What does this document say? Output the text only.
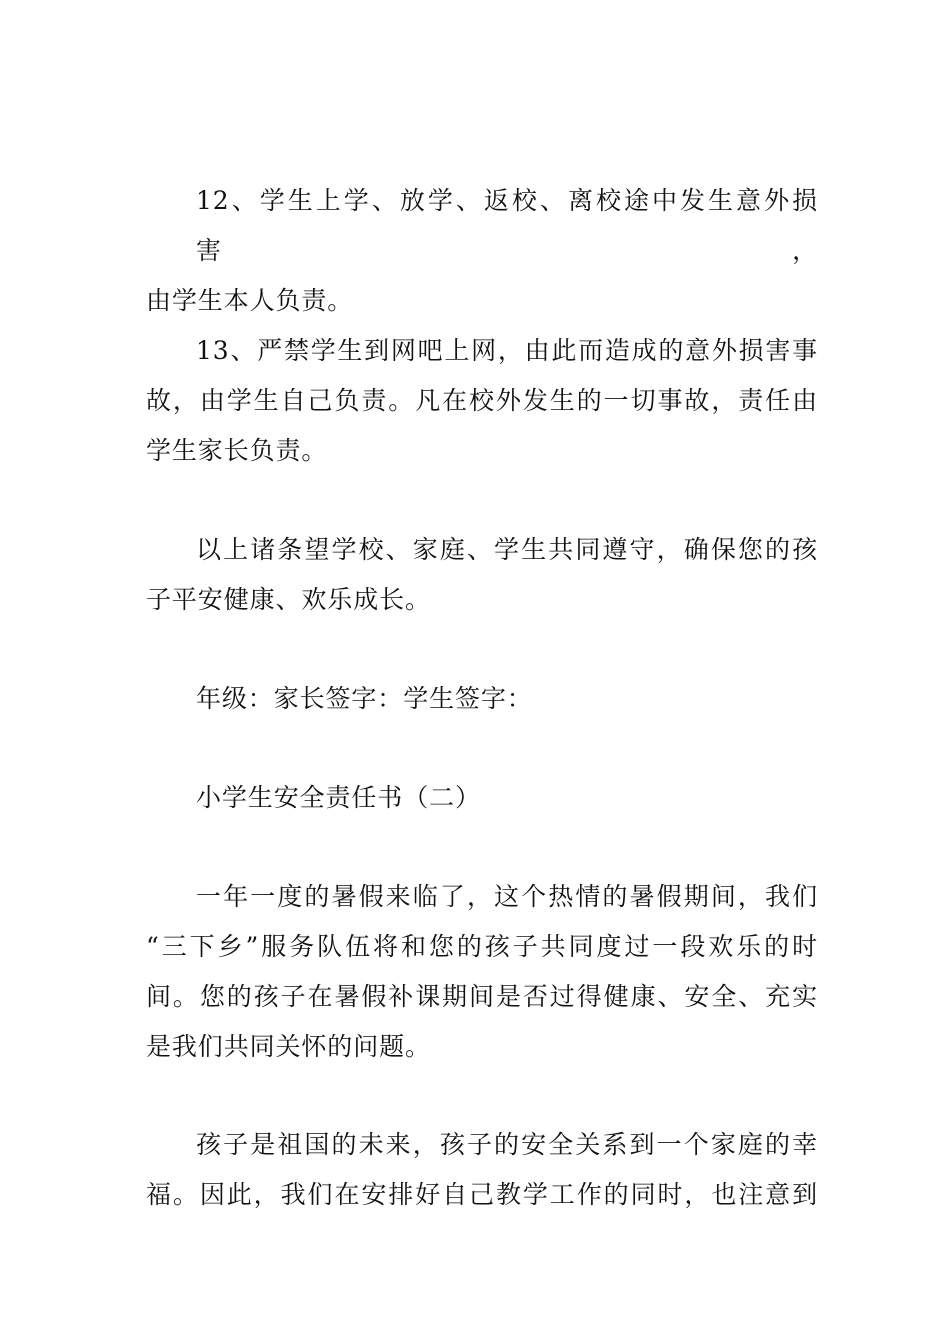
12、学生上学、放学、返校、离校途中发生意外损害，
由学生本人负责。
13、严禁学生到网吧上网，由此而造成的意外损害事
故，由学生自己负责。凡在校外发生的一切事故，责任由
学生家长负责。
以上诸条望学校、家庭、学生共同遵守，确保您的孩
子平安健康、欢乐成长。
年级：家长签字：学生签字：
小学生安全责任书（二）
一年一度的暑假来临了，这个热情的暑假期间，我们
“三下乡”服务队伍将和您的孩子共同度过一段欢乐的时
间。您的孩子在暑假补课期间是否过得健康、安全、充实
是我们共同关怀的问题。
孩子是祖国的未来，孩子的安全关系到一个家庭的幸
福。因此，我们在安排好自己教学工作的同时，也注意到
